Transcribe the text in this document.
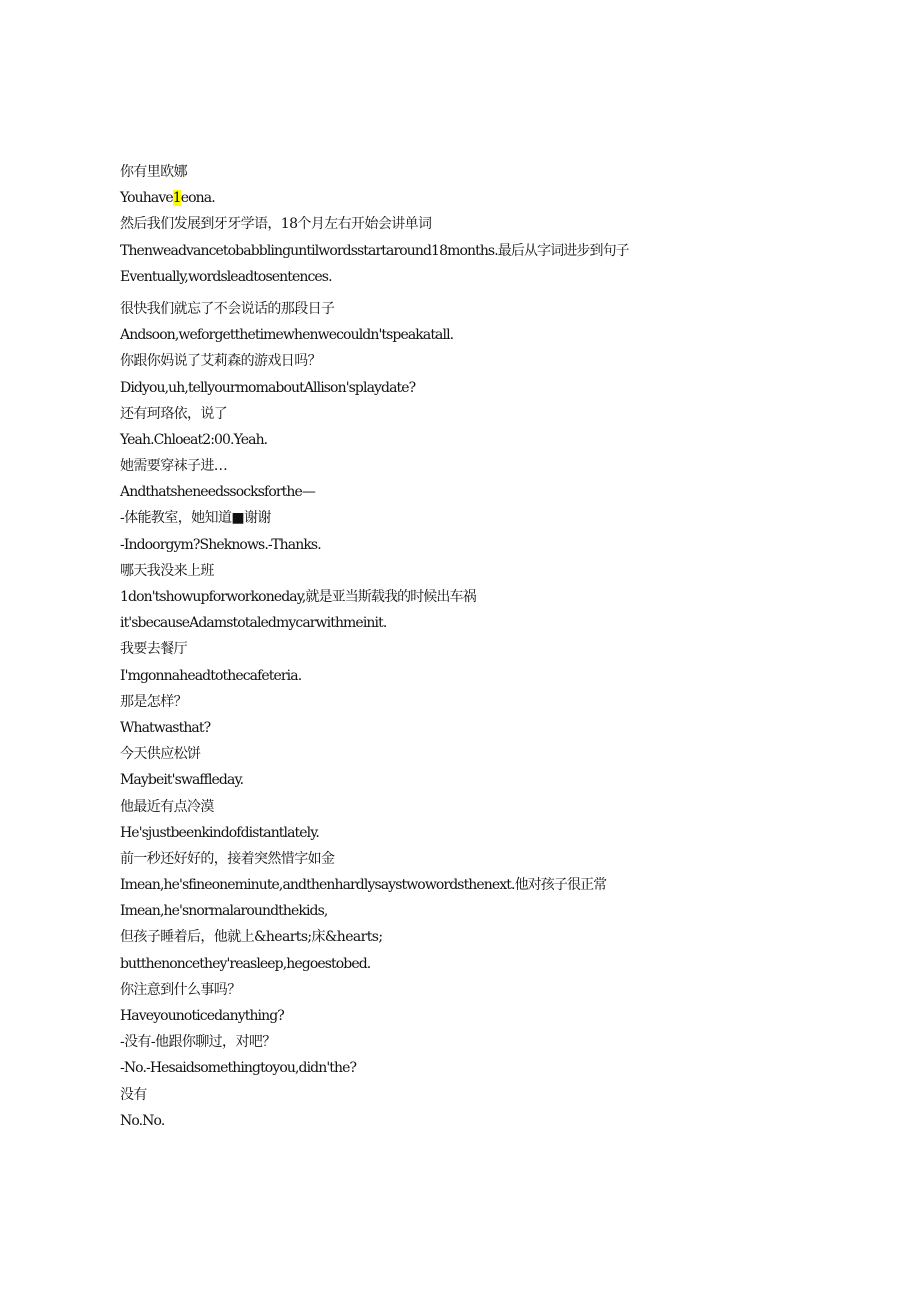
你有里欧娜
Youhave1eona.
然后我们发展到牙牙学语，18个月左右开始会讲单词
Thenweadvancetobabblinguntilwordsstartaround18months.最后从字词进步到句子
Eventually,wordsleadtosentences.
很快我们就忘了不会说话的那段日子
Andsoon,weforgetthetimewhenwecouldn'tspeakatall.
你跟你妈说了艾莉森的游戏日吗？
Didyou,uh,tellyourmomaboutAllison'splaydate?
还有珂珞依，说了
Yeah.Chloeat2:00.Yeah.
她需要穿袜子进…
Andthatsheneedssocksforthe—
-体能教室，她知道■谢谢
-Indoorgym?Sheknows.-Thanks.
哪天我没来上班
1don'tshowupforworkoneday,就是亚当斯载我的时候出车祸
it'sbecauseAdamstotaledmycarwithmeinit.
我要去餐厅
I'mgonnaheadtothecafeteria.
那是怎样？
Whatwasthat?
今天供应松饼
Maybeit'swaffleday.
他最近有点冷漠
He'sjustbeenkindofdistantlately.
前一秒还好好的，接着突然惜字如金
Imean,he'sfineoneminute,andthenhardlysaystwowordsthenext.他对孩子很正常
Imean,he'snormalaroundthekids,
但孩子睡着后，他就上&hearts;床&hearts;
butthenoncethey'reasleep,hegoestobed.
你注意到什么事吗？
Haveyounoticedanything?
-没有-他跟你聊过，对吧？
-No.-Hesaidsomethingtoyou,didn'the?
没有
No.No.
